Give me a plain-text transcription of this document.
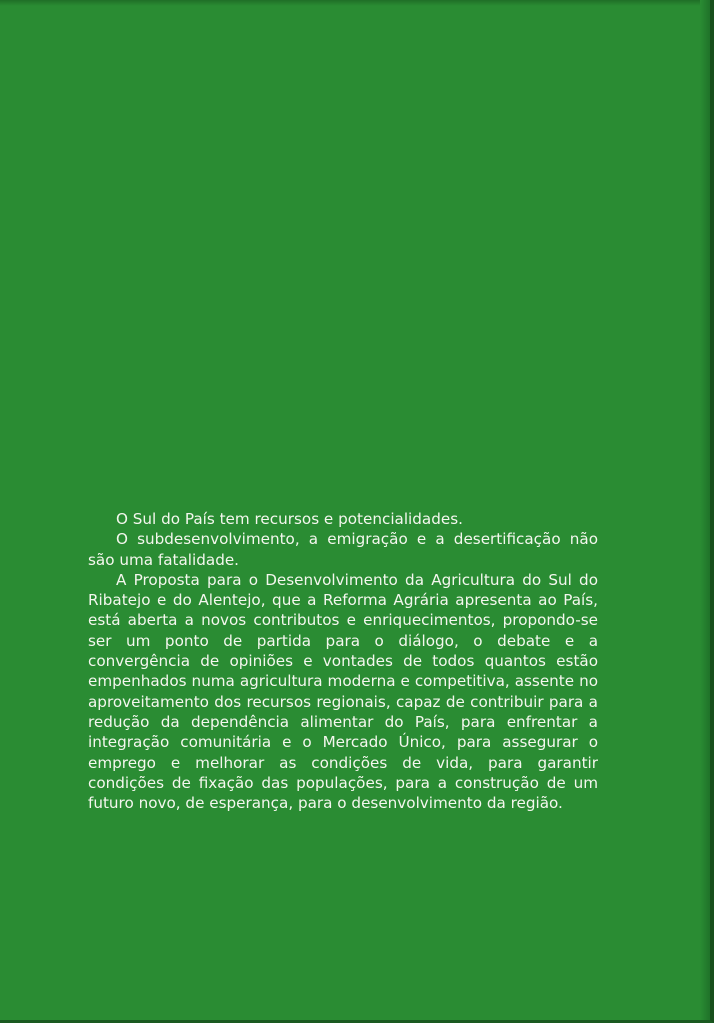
O Sul do País tem recursos e potencialidades.

O subdesenvolvimento, a emigração e a desertificação não são uma fatalidade.

A Proposta para o Desenvolvimento da Agricultura do Sul do Ribatejo e do Alentejo, que a Reforma Agrária apresenta ao País, está aberta a novos contributos e enriquecimentos, propondo-se ser um ponto de partida para o diálogo, o debate e a convergência de opiniões e vontades de todos quantos estão empenhados numa agricultura moderna e competitiva, assente no aproveitamento dos recursos regionais, capaz de contribuir para a redução da dependência alimentar do País, para enfrentar a integração comunitária e o Mercado Único, para assegurar o emprego e melhorar as condições de vida, para garantir condições de fixação das populações, para a construção de um futuro novo, de esperança, para o desenvolvimento da região.
